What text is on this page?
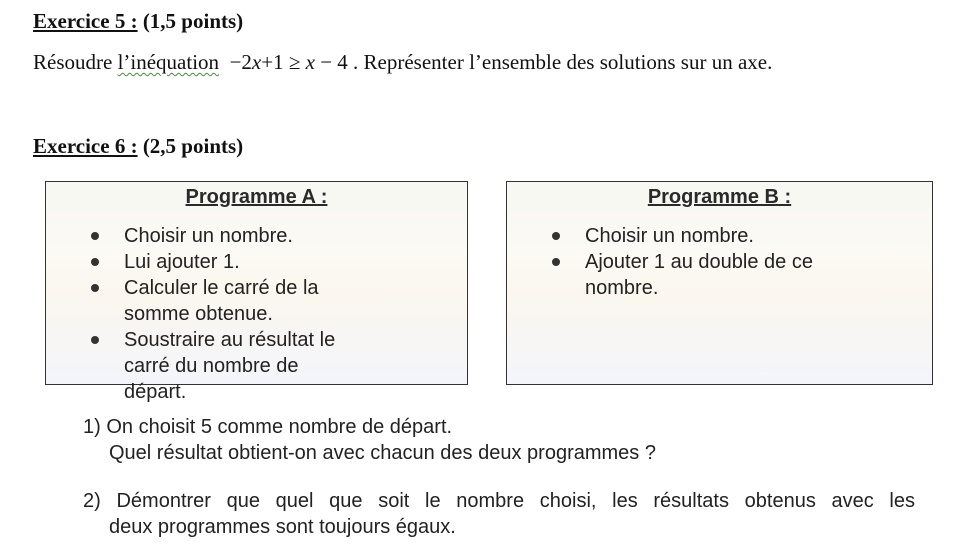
Exercice 5 : (1,5 points)
Résoudre l’inéquation −2x+1 ≥ x − 4 . Représenter l’ensemble des solutions sur un axe.
Exercice 6 : (2,5 points)
Programme A :
Choisir un nombre.
Lui ajouter 1.
Calculer le carré de la somme obtenue.
Soustraire au résultat le carré du nombre de départ.
Programme B :
Choisir un nombre.
Ajouter 1 au double de ce nombre.
1) On choisit 5 comme nombre de départ.
Quel résultat obtient-on avec chacun des deux programmes ?
2) Démontrer que quel que soit le nombre choisi, les résultats obtenus avec les
deux programmes sont toujours égaux.
